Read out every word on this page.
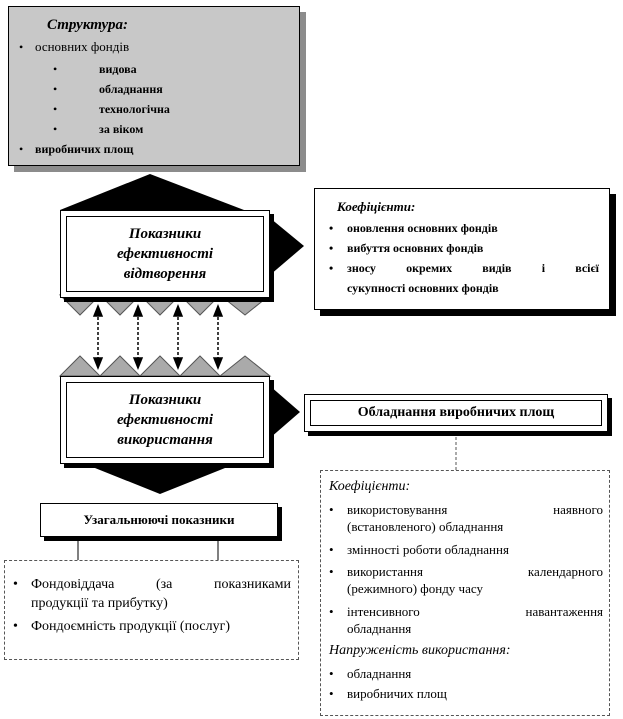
Структура:
• основних фондів
•	видова
•	обладнання
•	технологічна
•	за віком
• виробничих площ
Показники
ефективності
відтворення
Показники
ефективності
використання
Коефіцієнти:
• оновлення основних фондів
• вибуття основних фондів
• зносу окремих видів і всієї
сукупності основних фондів
Обладнання виробничих площ
Коефіцієнти:
• використовування наявного
(встановленого) обладнання
• змінності роботи обладнання
• використання календарного
(режимного) фонду часу
• інтенсивного навантаження
обладнання
Напруженість використання:
• обладнання
• виробничих площ
Узагальнюючі показники
• Фондовіддача (за показниками
продукції та прибутку)
• Фондоємність продукції (послуг)
